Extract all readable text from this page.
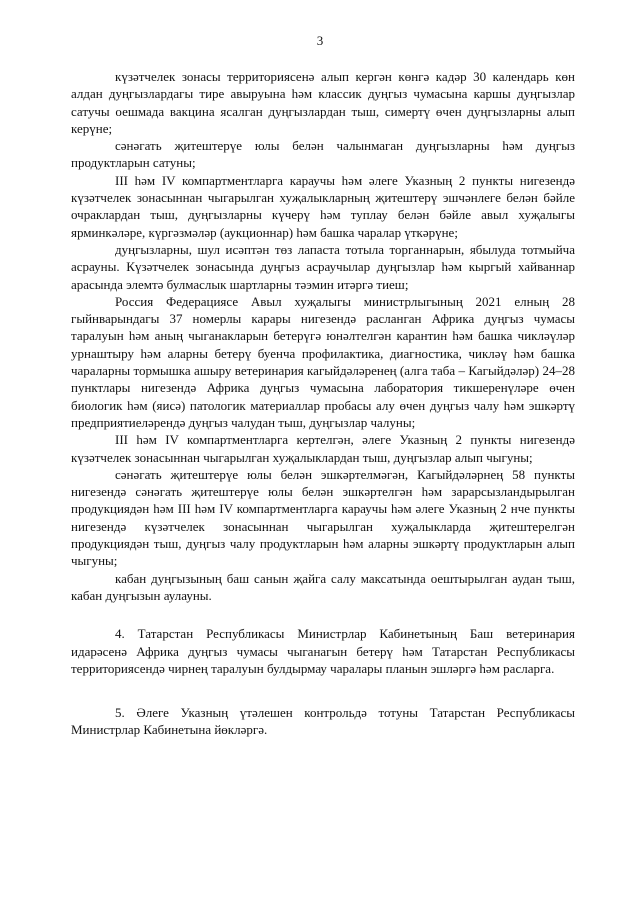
3

күзәтчелек зонасы территориясенә алып кергән көнгә кадәр 30 календарь көн алдан дуңгызлардагы тире авыруына һәм классик дуңгыз чумасына каршы дуңгызлар сатучы оешмада вакцина ясалган дуңгызлардан тыш, симертү өчен дуңгызларны алып керүне;

сәнәгать җитештерүе юлы белән чалынмаган дуңгызларны һәм дуңгыз продуктларын сатуны;

III һәм IV компартментларга караучы һәм әлеге Указның 2 пункты нигезендә күзәтчелек зонасыннан чыгарылган хуҗалыкларның җитештерү эшчәнлеге белән бәйле очраклардан тыш, дуңгызларны күчерү һәм туплау белән бәйле авыл хуҗалыгы ярминкәләре, күргәзмәләр (аукционнар) һәм башка чаралар үткәрүне;

дуңгызларны, шул исәптән төз лапаста тотыла торганнарын, ябылуда тотмыйча асрауны. Күзәтчелек зонасында дуңгыз асраучылар дуңгызлар һәм кыргый хайваннар арасында элемтә булмаслык шартларны тәэмин итәргә тиеш;

Россия Федерациясе Авыл хуҗалыгы министрлыгының 2021 елның 28 гыйнварындагы 37 номерлы карары нигезендә расланган Африка дуңгыз чумасы таралуын һәм аның чыганакларын бетерүгә юнәлтелгән карантин һәм башка чикләүләр урнаштыру һәм аларны бетерү буенча профилактика, диагностика, чикләү һәм башка чараларны тормышка ашыру ветеринария кагыйдәләренең (алга таба – Кагыйдәләр) 24–28 пунктлары нигезендә Африка дуңгыз чумасына лаборатория тикшеренүләре өчен биологик һәм (яисә) патологик материаллар пробасы алу өчен дуңгыз чалу һәм эшкәртү предприятиеләрендә дуңгыз чалудан тыш, дуңгызлар чалуны;

III һәм IV компартментларга кертелгән, әлеге Указның 2 пункты нигезендә күзәтчелек зонасыннан чыгарылган хуҗалыклардан тыш, дуңгызлар алып чыгуны;

сәнәгать җитештерүе юлы белән эшкәртелмәгән, Кагыйдәләрнең 58 пункты нигезендә сәнәгать җитештерүе юлы белән эшкәртелгән һәм зарарсызландырылган продукциядән һәм III һәм IV компартментларга караучы һәм әлеге Указның 2 нче пункты нигезендә күзәтчелек зонасыннан чыгарылган хуҗалыкларда җитештерелгән продукциядән тыш, дуңгыз чалу продуктларын һәм аларны эшкәртү продуктларын алып чыгуны;

кабан дуңгызының баш санын җайга салу максатында оештырылган аудан тыш, кабан дуңгызын аулауны.

4. Татарстан Республикасы Министрлар Кабинетының Баш ветеринария идарәсенә Африка дуңгыз чумасы чыганагын бетерү һәм Татарстан Республикасы территориясендә чирнең таралуын булдырмау чаралары планын эшләргә һәм расларга.

5. Әлеге Указның үтәлешен контрольдә тотуны Татарстан Республикасы Министрлар Кабинетына йөкләргә.
